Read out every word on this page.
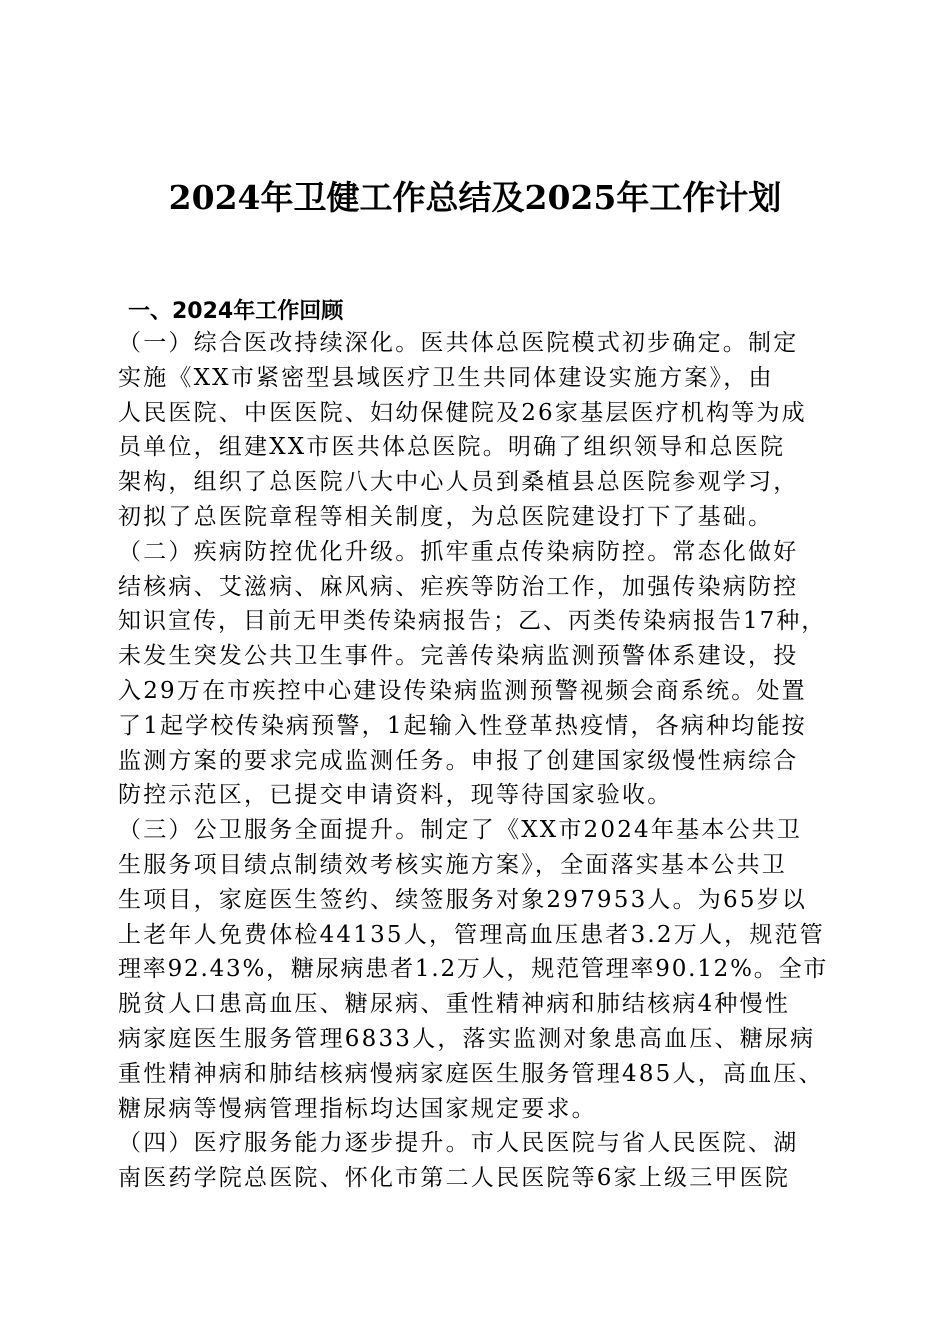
2024年卫健工作总结及2025年工作计划
一、2024年工作回顾
（一）综合医改持续深化。医共体总医院模式初步确定。制定
实施《XX市紧密型县域医疗卫生共同体建设实施方案》，由
人民医院、中医医院、妇幼保健院及26家基层医疗机构等为成
员单位，组建XX市医共体总医院。明确了组织领导和总医院
架构，组织了总医院八大中心人员到桑植县总医院参观学习，
初拟了总医院章程等相关制度，为总医院建设打下了基础。
（二）疾病防控优化升级。抓牢重点传染病防控。常态化做好
结核病、艾滋病、麻风病、疟疾等防治工作，加强传染病防控
知识宣传，目前无甲类传染病报告；乙、丙类传染病报告17种，
未发生突发公共卫生事件。完善传染病监测预警体系建设，投
入29万在市疾控中心建设传染病监测预警视频会商系统。处置
了1起学校传染病预警，1起输入性登革热疫情，各病种均能按
监测方案的要求完成监测任务。申报了创建国家级慢性病综合
防控示范区，已提交申请资料，现等待国家验收。
（三）公卫服务全面提升。制定了《XX市2024年基本公共卫
生服务项目绩点制绩效考核实施方案》，全面落实基本公共卫
生项目，家庭医生签约、续签服务对象297953人。为65岁以
上老年人免费体检44135人，管理高血压患者3.2万人，规范管
理率92.43%，糖尿病患者1.2万人，规范管理率90.12%。全市
脱贫人口患高血压、糖尿病、重性精神病和肺结核病4种慢性
病家庭医生服务管理6833人，落实监测对象患高血压、糖尿病
重性精神病和肺结核病慢病家庭医生服务管理485人，高血压、
糖尿病等慢病管理指标均达国家规定要求。
（四）医疗服务能力逐步提升。市人民医院与省人民医院、湖
南医药学院总医院、怀化市第二人民医院等6家上级三甲医院
